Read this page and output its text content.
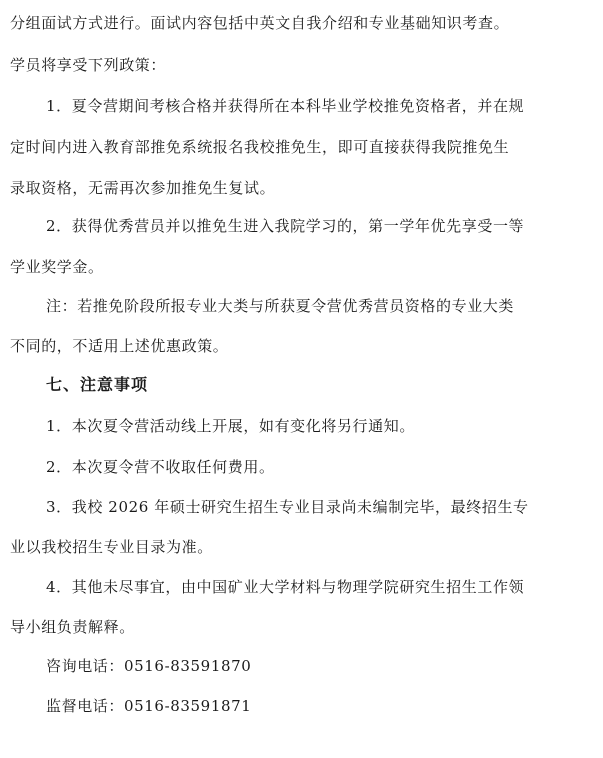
分组面试方式进行。面试内容包括中英文自我介绍和专业基础知识考查。
学员将享受下列政策：
1．夏令营期间考核合格并获得所在本科毕业学校推免资格者，并在规
定时间内进入教育部推免系统报名我校推免生，即可直接获得我院推免生
录取资格，无需再次参加推免生复试。
2．获得优秀营员并以推免生进入我院学习的，第一学年优先享受一等
学业奖学金。
注：若推免阶段所报专业大类与所获夏令营优秀营员资格的专业大类
不同的，不适用上述优惠政策。
七、注意事项
1．本次夏令营活动线上开展，如有变化将另行通知。
2．本次夏令营不收取任何费用。
3．我校 2026 年硕士研究生招生专业目录尚未编制完毕，最终招生专
业以我校招生专业目录为准。
4．其他未尽事宜，由中国矿业大学材料与物理学院研究生招生工作领
导小组负责解释。
咨询电话：0516-83591870
监督电话：0516-83591871
